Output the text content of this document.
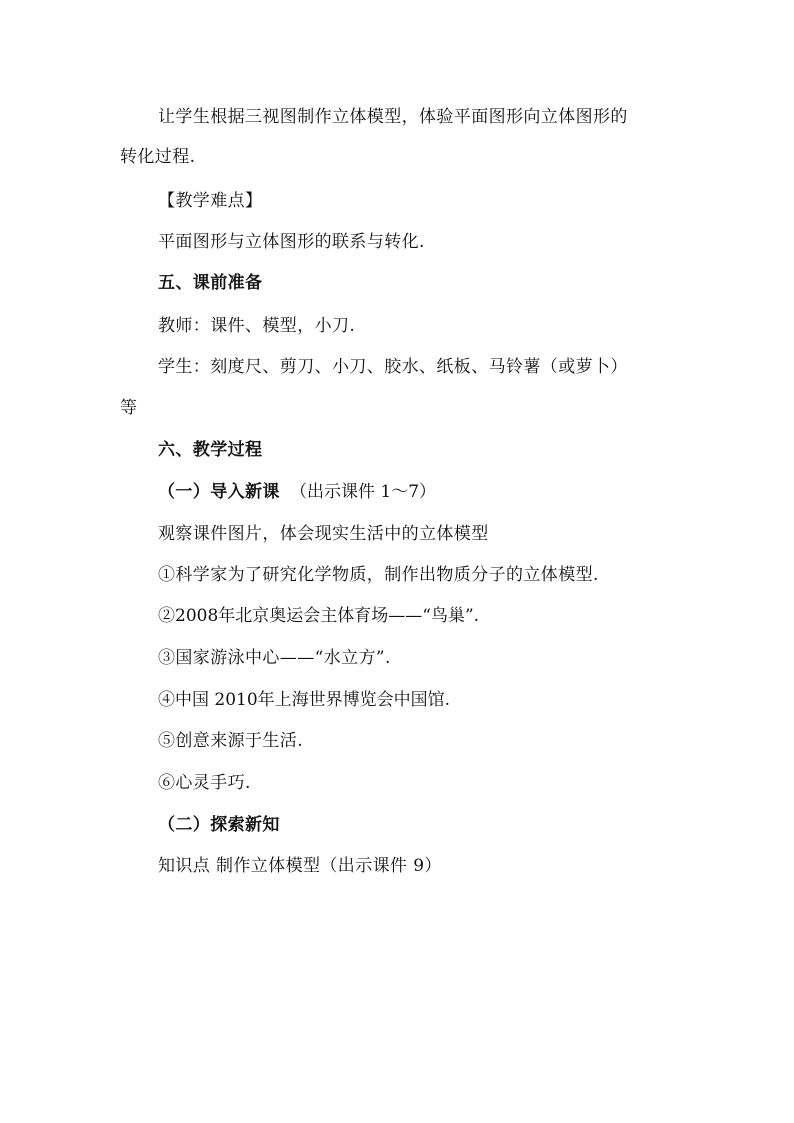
让学生根据三视图制作立体模型，体验平面图形向立体图形的
转化过程.
【教学难点】
平面图形与立体图形的联系与转化.
五、课前准备
教师：课件、模型，小刀.
学生：刻度尺、剪刀、小刀、胶水、纸板、马铃薯（或萝卜）
等
六、教学过程
（一）导入新课 （出示课件 1～7）
观察课件图片，体会现实生活中的立体模型
①科学家为了研究化学物质，制作出物质分子的立体模型.
②2008年北京奥运会主体育场——“鸟巢”.
③国家游泳中心——“水立方”.
④中国 2010年上海世界博览会中国馆.
⑤创意来源于生活.
⑥心灵手巧.
（二）探索新知
知识点 制作立体模型（出示课件 9）
